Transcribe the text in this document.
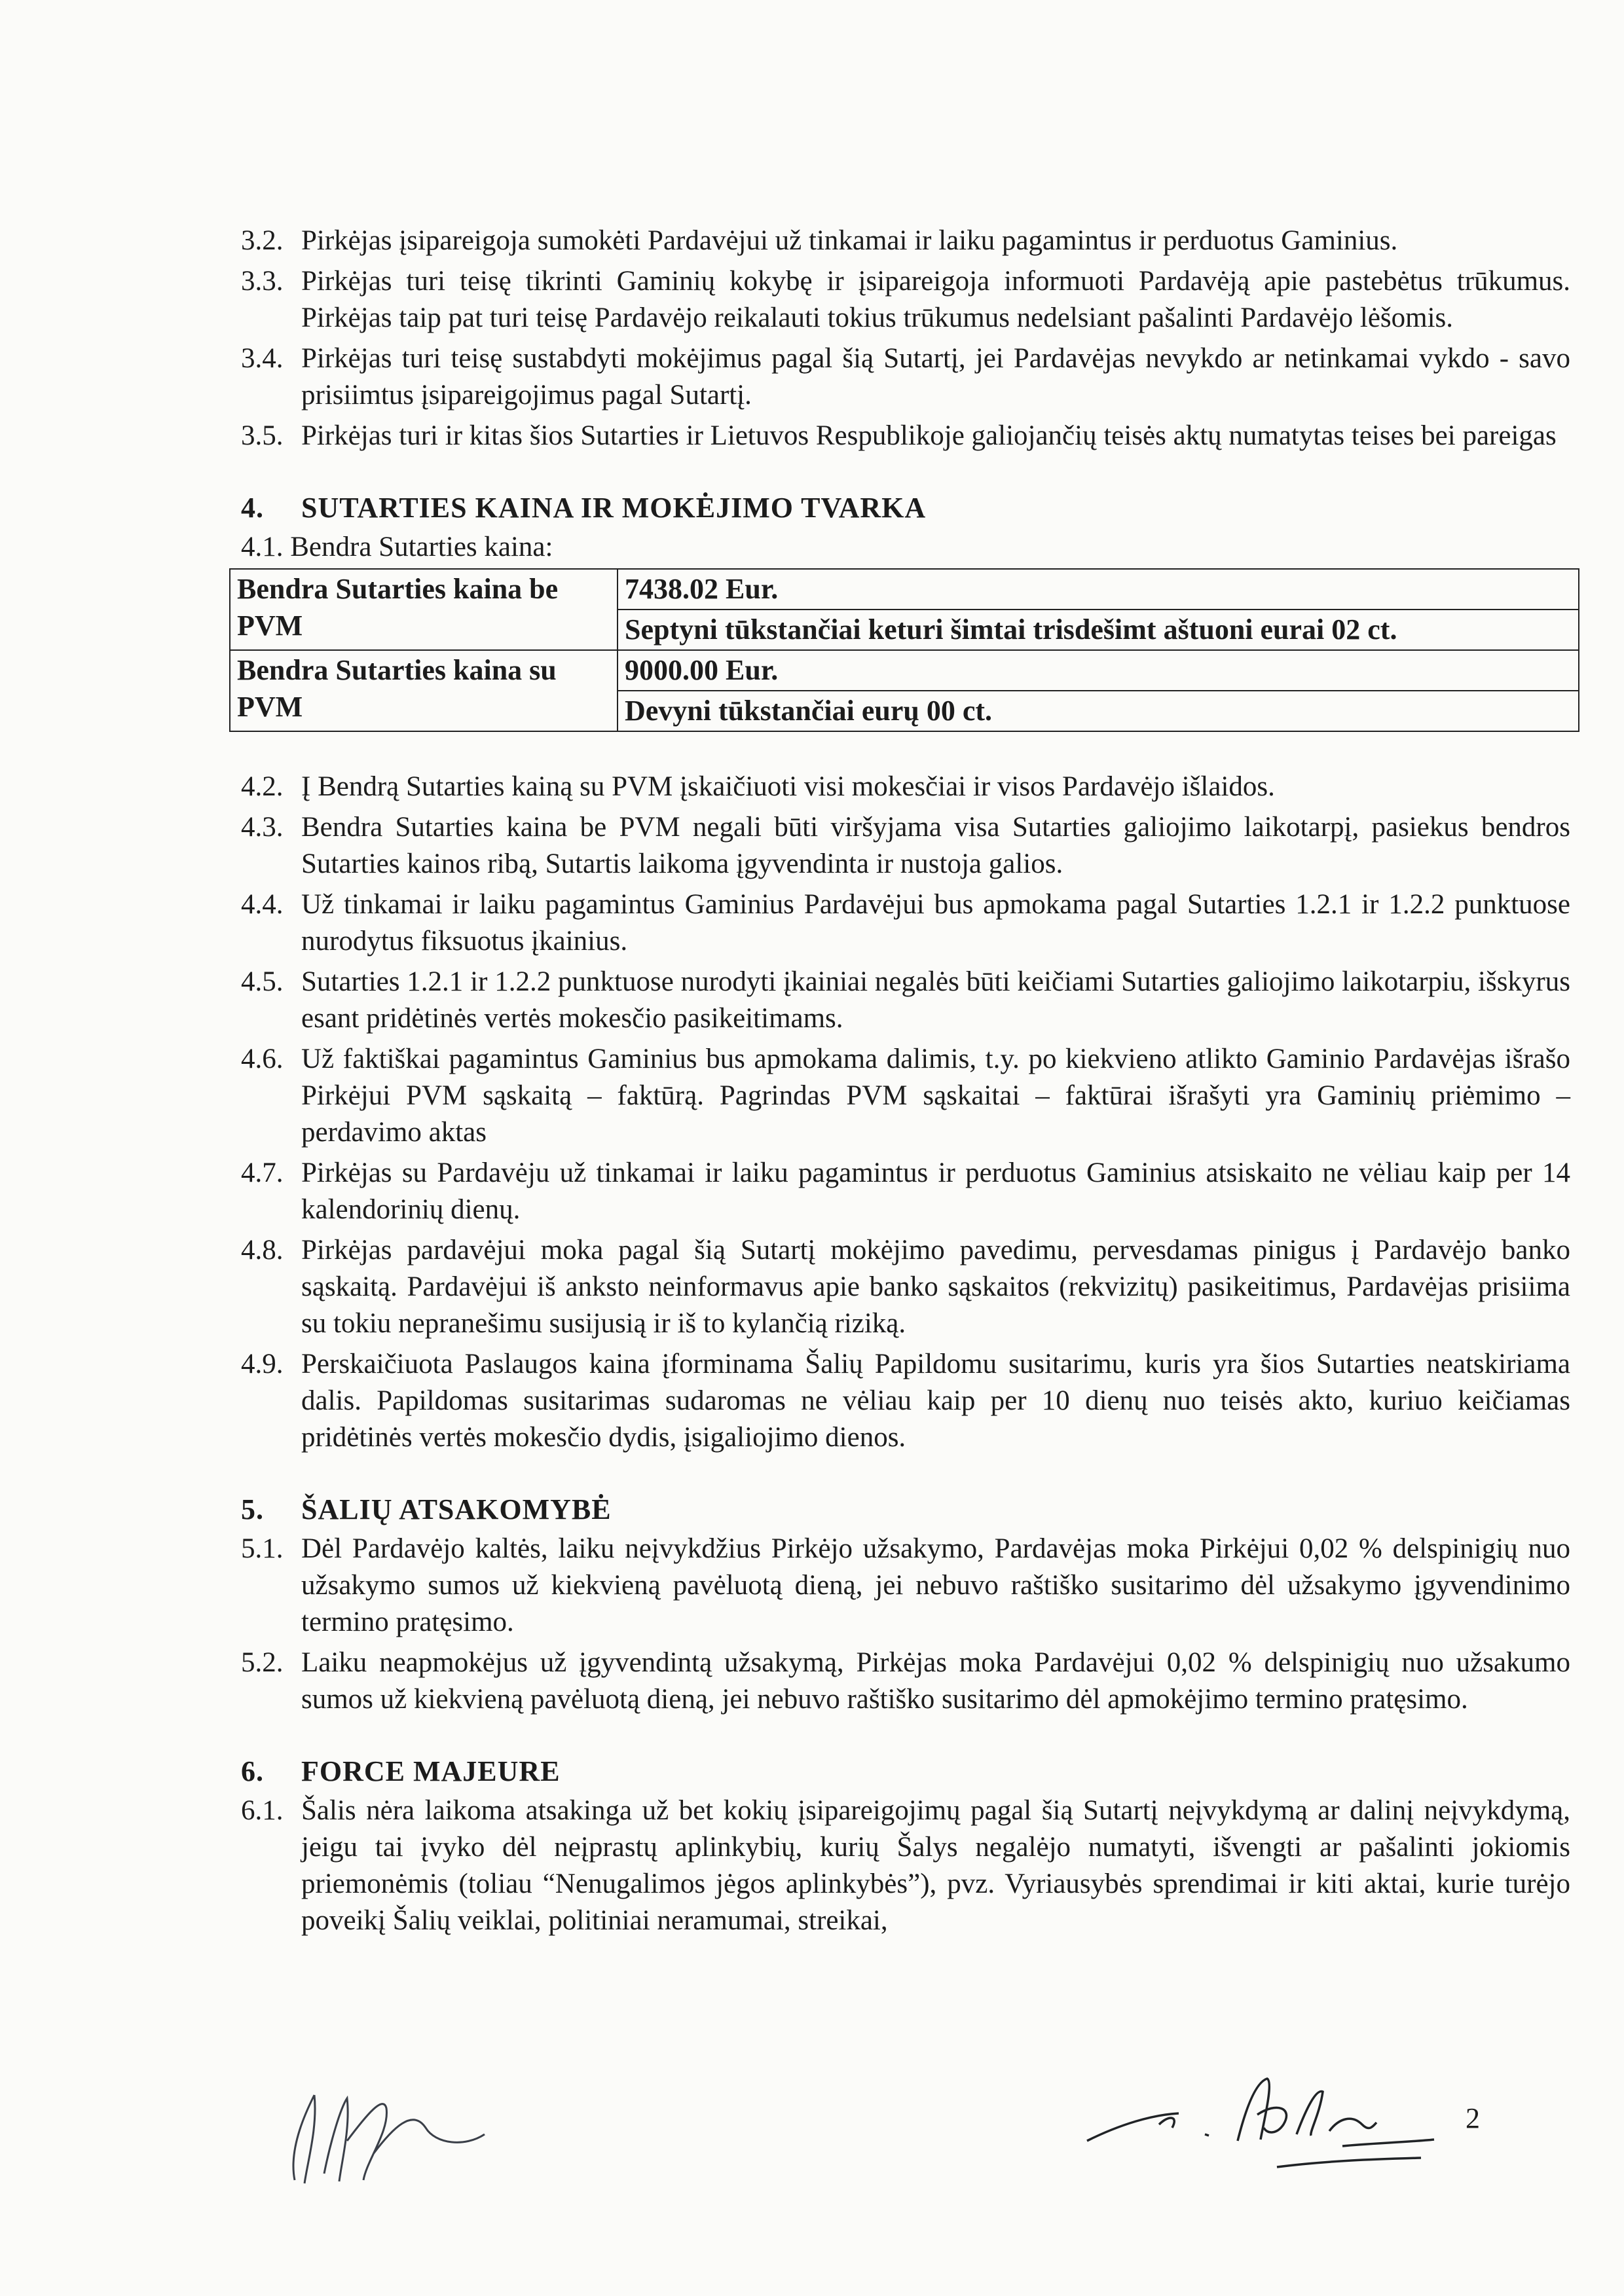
3.2. Pirkėjas įsipareigoja sumokėti Pardavėjui už tinkamai ir laiku pagamintus ir perduotus Gaminius.
3.3. Pirkėjas turi teisę tikrinti Gaminių kokybę ir įsipareigoja informuoti Pardavėją apie pastebėtus trūkumus. Pirkėjas taip pat turi teisę Pardavėjo reikalauti tokius trūkumus nedelsiant pašalinti Pardavėjo lėšomis.
3.4. Pirkėjas turi teisę sustabdyti mokėjimus pagal šią Sutartį, jei Pardavėjas nevykdo ar netinkamai vykdo - savo prisiimtus įsipareigojimus pagal Sutartį.
3.5. Pirkėjas turi ir kitas šios Sutarties ir Lietuvos Respublikoje galiojančių teisės aktų numatytas teises bei pareigas
4. SUTARTIES KAINA IR MOKĖJIMO TVARKA
4.1. Bendra Sutarties kaina:
Bendra Sutarties kaina be PVM	7438.02 Eur.
	Septyni tūkstančiai keturi šimtai trisdešimt aštuoni eurai 02 ct.
Bendra Sutarties kaina su PVM	9000.00 Eur.
	Devyni tūkstančiai eurų 00 ct.
4.2. Į Bendrą Sutarties kainą su PVM įskaičiuoti visi mokesčiai ir visos Pardavėjo išlaidos.
4.3. Bendra Sutarties kaina be PVM negali būti viršyjama visa Sutarties galiojimo laikotarpį, pasiekus bendros Sutarties kainos ribą, Sutartis laikoma įgyvendinta ir nustoja galios.
4.4. Už tinkamai ir laiku pagamintus Gaminius Pardavėjui bus apmokama pagal Sutarties 1.2.1 ir 1.2.2 punktuose nurodytus fiksuotus įkainius.
4.5. Sutarties 1.2.1 ir 1.2.2 punktuose nurodyti įkainiai negalės būti keičiami Sutarties galiojimo laikotarpiu, išskyrus esant pridėtinės vertės mokesčio pasikeitimams.
4.6. Už faktiškai pagamintus Gaminius bus apmokama dalimis, t.y. po kiekvieno atlikto Gaminio Pardavėjas išrašo Pirkėjui PVM sąskaitą – faktūrą. Pagrindas PVM sąskaitai – faktūrai išrašyti yra Gaminių priėmimo – perdavimo aktas
4.7. Pirkėjas su Pardavėju už tinkamai ir laiku pagamintus ir perduotus Gaminius atsiskaito ne vėliau kaip per 14 kalendorinių dienų.
4.8. Pirkėjas pardavėjui moka pagal šią Sutartį mokėjimo pavedimu, pervesdamas pinigus į Pardavėjo banko sąskaitą. Pardavėjui iš anksto neinformavus apie banko sąskaitos (rekvizitų) pasikeitimus, Pardavėjas prisiima su tokiu nepranešimu susijusią ir iš to kylančią riziką.
4.9. Perskaičiuota Paslaugos kaina įforminama Šalių Papildomu susitarimu, kuris yra šios Sutarties neatskiriama dalis. Papildomas susitarimas sudaromas ne vėliau kaip per 10 dienų nuo teisės akto, kuriuo keičiamas pridėtinės vertės mokesčio dydis, įsigaliojimo dienos.
5. ŠALIŲ ATSAKOMYBĖ
5.1. Dėl Pardavėjo kaltės, laiku neįvykdžius Pirkėjo užsakymo, Pardavėjas moka Pirkėjui 0,02 % delspinigių nuo užsakymo sumos už kiekvieną pavėluotą dieną, jei nebuvo raštiško susitarimo dėl užsakymo įgyvendinimo termino pratęsimo.
5.2. Laiku neapmokėjus už įgyvendintą užsakymą, Pirkėjas moka Pardavėjui 0,02 % delspinigių nuo užsakumo sumos už kiekvieną pavėluotą dieną, jei nebuvo raštiško susitarimo dėl apmokėjimo termino pratęsimo.
6. FORCE MAJEURE
6.1. Šalis nėra laikoma atsakinga už bet kokių įsipareigojimų pagal šią Sutartį neįvykdymą ar dalinį neįvykdymą, jeigu tai įvyko dėl neįprastų aplinkybių, kurių Šalys negalėjo numatyti, išvengti ar pašalinti jokiomis priemonėmis (toliau “Nenugalimos jėgos aplinkybės”), pvz. Vyriausybės sprendimai ir kiti aktai, kurie turėjo poveikį Šalių veiklai, politiniai neramumai, streikai,
2
